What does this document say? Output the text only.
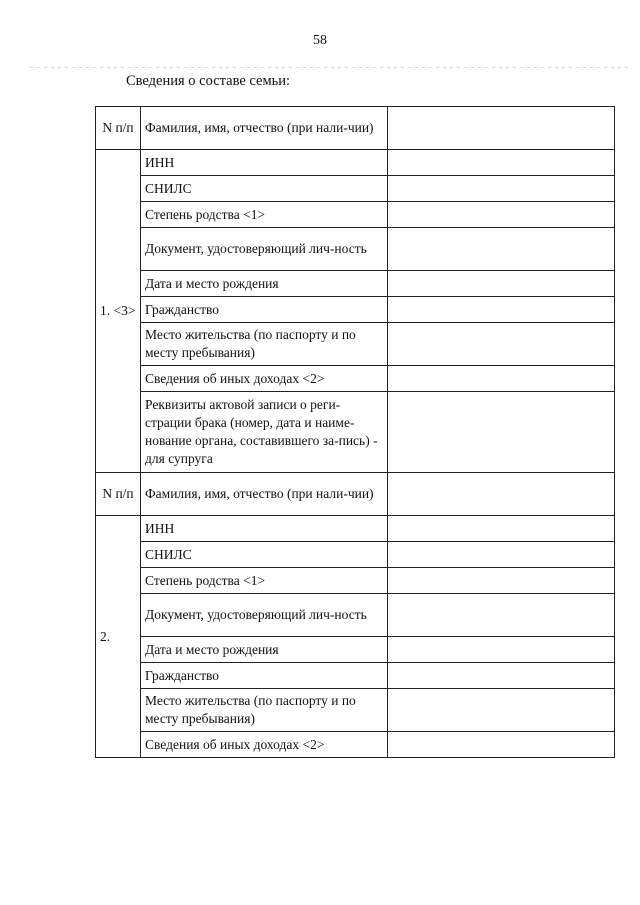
58
Сведения о составе семьи:
N п/п	Фамилия, имя, отчество (при нали-чии)	
1. <3>	ИНН	
	СНИЛС	
	Степень родства <1>	
	Документ, удостоверяющий лич-ность	
	Дата и место рождения	
	Гражданство	
	Место жительства (по паспорту и по месту пребывания)	
	Сведения об иных доходах <2>	
	Реквизиты актовой записи о реги-страции брака (номер, дата и наиме-нование органа, составившего за-пись) - для супруга	
N п/п	Фамилия, имя, отчество (при нали-чии)	
2.	ИНН	
	СНИЛС	
	Степень родства <1>	
	Документ, удостоверяющий лич-ность	
	Дата и место рождения	
	Гражданство	
	Место жительства (по паспорту и по месту пребывания)	
	Сведения об иных доходах <2>	
